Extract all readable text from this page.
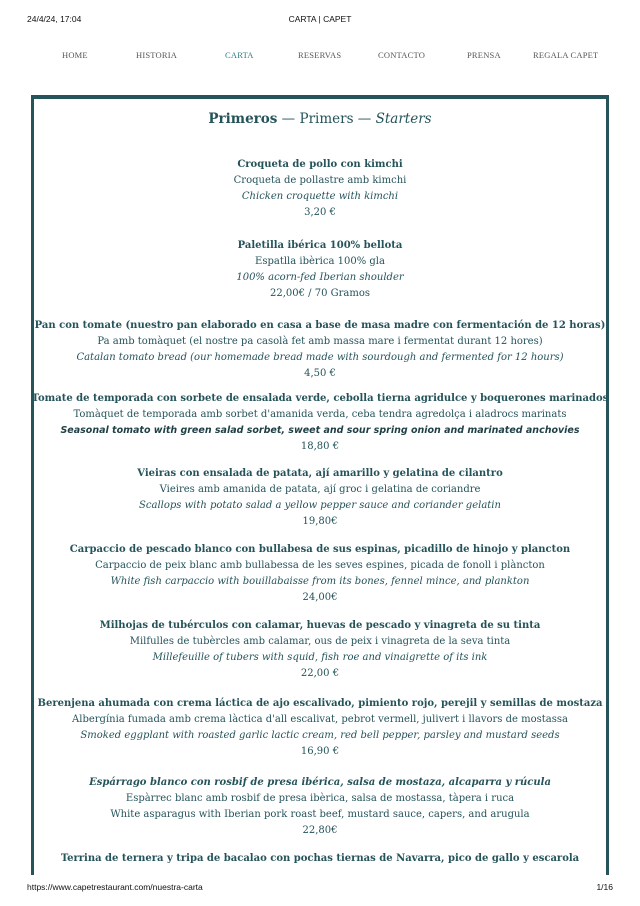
24/4/24, 17:04	CARTA | CAPET
HOME	HISTORIA	CARTA	RESERVAS	CONTACTO	PRENSA	REGALA CAPET
Primeros — Primers — Starters
Croqueta de pollo con kimchi
Croqueta de pollastre amb kimchi
Chicken croquette with kimchi
3,20 €
Paletilla ibérica 100% bellota
Espatlla ibèrica 100% gla
100% acorn-fed Iberian shoulder
22,00€ / 70 Gramos
Pan con tomate (nuestro pan elaborado en casa a base de masa madre con fermentación de 12 horas)
Pa amb tomàquet (el nostre pa casolà fet amb massa mare i fermentat durant 12 hores)
Catalan tomato bread (our homemade bread made with sourdough and fermented for 12 hours)
4,50 €
Tomate de temporada con sorbete de ensalada verde, cebolla tierna agridulce y boquerones marinados
Tomàquet de temporada amb sorbet d'amanida verda, ceba tendra agredolça i aladrocs marinats
Seasonal tomato with green salad sorbet, sweet and sour spring onion and marinated anchovies
18,80 €
Vieiras con ensalada de patata, ají amarillo y gelatina de cilantro
Vieires amb amanida de patata, ají groc i gelatina de coriandre
Scallops with potato salad a yellow pepper sauce and coriander gelatin
19,80€
Carpaccio de pescado blanco con bullabesa de sus espinas, picadillo de hinojo y plancton
Carpaccio de peix blanc amb bullabessa de les seves espines, picada de fonoll i plàncton
White fish carpaccio with bouillabaisse from its bones, fennel mince, and plankton
24,00€
Milhojas de tubérculos con calamar, huevas de pescado y vinagreta de su tinta
Milfulles de tubèrcles amb calamar, ous de peix i vinagreta de la seva tinta
Millefeuille of tubers with squid, fish roe and vinaigrette of its ink
22,00 €
Berenjena ahumada con crema láctica de ajo escalivado, pimiento rojo, perejil y semillas de mostaza
Albergínia fumada amb crema làctica d'all escalivat, pebrot vermell, julivert i llavors de mostassa
Smoked eggplant with roasted garlic lactic cream, red bell pepper, parsley and mustard seeds
16,90 €
Espárrago blanco con rosbif de presa ibérica, salsa de mostaza, alcaparra y rúcula
Espàrrec blanc amb rosbif de presa ibèrica, salsa de mostassa, tàpera i ruca
White asparagus with Iberian pork roast beef, mustard sauce, capers, and arugula
22,80€
Terrina de ternera y tripa de bacalao con pochas tiernas de Navarra, pico de gallo y escarola
https://www.capetrestaurant.com/nuestra-carta	1/16
